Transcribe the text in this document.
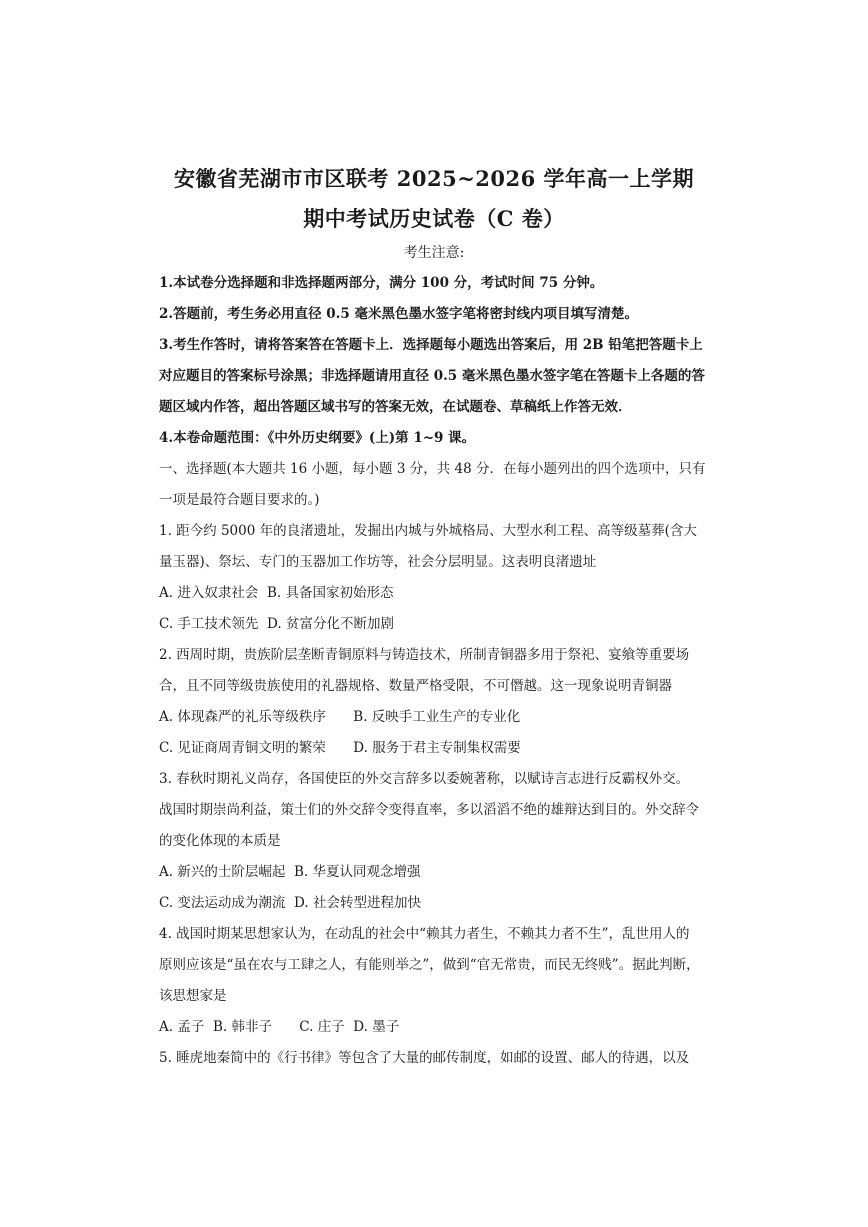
安徽省芜湖市市区联考 2025~2026 学年高一上学期
期中考试历史试卷（C 卷）
考生注意:
1.本试卷分选择题和非选择题两部分，满分 100 分，考试时间 75 分钟。
2.答题前，考生务必用直径 0.5 毫米黑色墨水签字笔将密封线内项目填写清楚。
3.考生作答时，请将答案答在答题卡上．选择题每小题选出答案后，用 2B 铅笔把答题卡上
对应题目的答案标号涂黑；非选择题请用直径 0.5 毫米黑色墨水签字笔在答题卡上各题的答
题区域内作答，超出答题区域书写的答案无效，在试题卷、草稿纸上作答无效．
4.本卷命题范围：《中外历史纲要》(上)第 1~9 课。
一、选择题(本大题共 16 小题，每小题 3 分，共 48 分．在每小题列出的四个选项中，只有
一项是最符合题目要求的。)
1. 距今约 5000 年的良渚遗址，发掘出内城与外城格局、大型水利工程、高等级墓葬(含大
量玉器)、祭坛、专门的玉器加工作坊等，社会分层明显。这表明良渚遗址
A. 进入奴隶社会 B. 具备国家初始形态
C. 手工技术领先 D. 贫富分化不断加剧
2. 西周时期，贵族阶层垄断青铜原料与铸造技术，所制青铜器多用于祭祀、宴飨等重要场
合，且不同等级贵族使用的礼器规格、数量严格受限，不可僭越。这一现象说明青铜器
A. 体现森严的礼乐等级秩序 B. 反映手工业生产的专业化
C. 见证商周青铜文明的繁荣 D. 服务于君主专制集权需要
3. 春秋时期礼义尚存，各国使臣的外交言辞多以委婉著称，以赋诗言志进行反霸权外交。
战国时期崇尚利益，策士们的外交辞令变得直率，多以滔滔不绝的雄辩达到目的。外交辞令
的变化体现的本质是
A. 新兴的士阶层崛起 B. 华夏认同观念增强
C. 变法运动成为潮流 D. 社会转型进程加快
4. 战国时期某思想家认为，在动乱的社会中“赖其力者生，不赖其力者不生”，乱世用人的
原则应该是“虽在农与工肆之人，有能则举之”，做到“官无常贵，而民无终贱”。据此判断，
该思想家是
A. 孟子 B. 韩非子 C. 庄子 D. 墨子
5. 睡虎地秦简中的《行书律》等包含了大量的邮传制度，如邮的设置、邮人的待遇，以及
